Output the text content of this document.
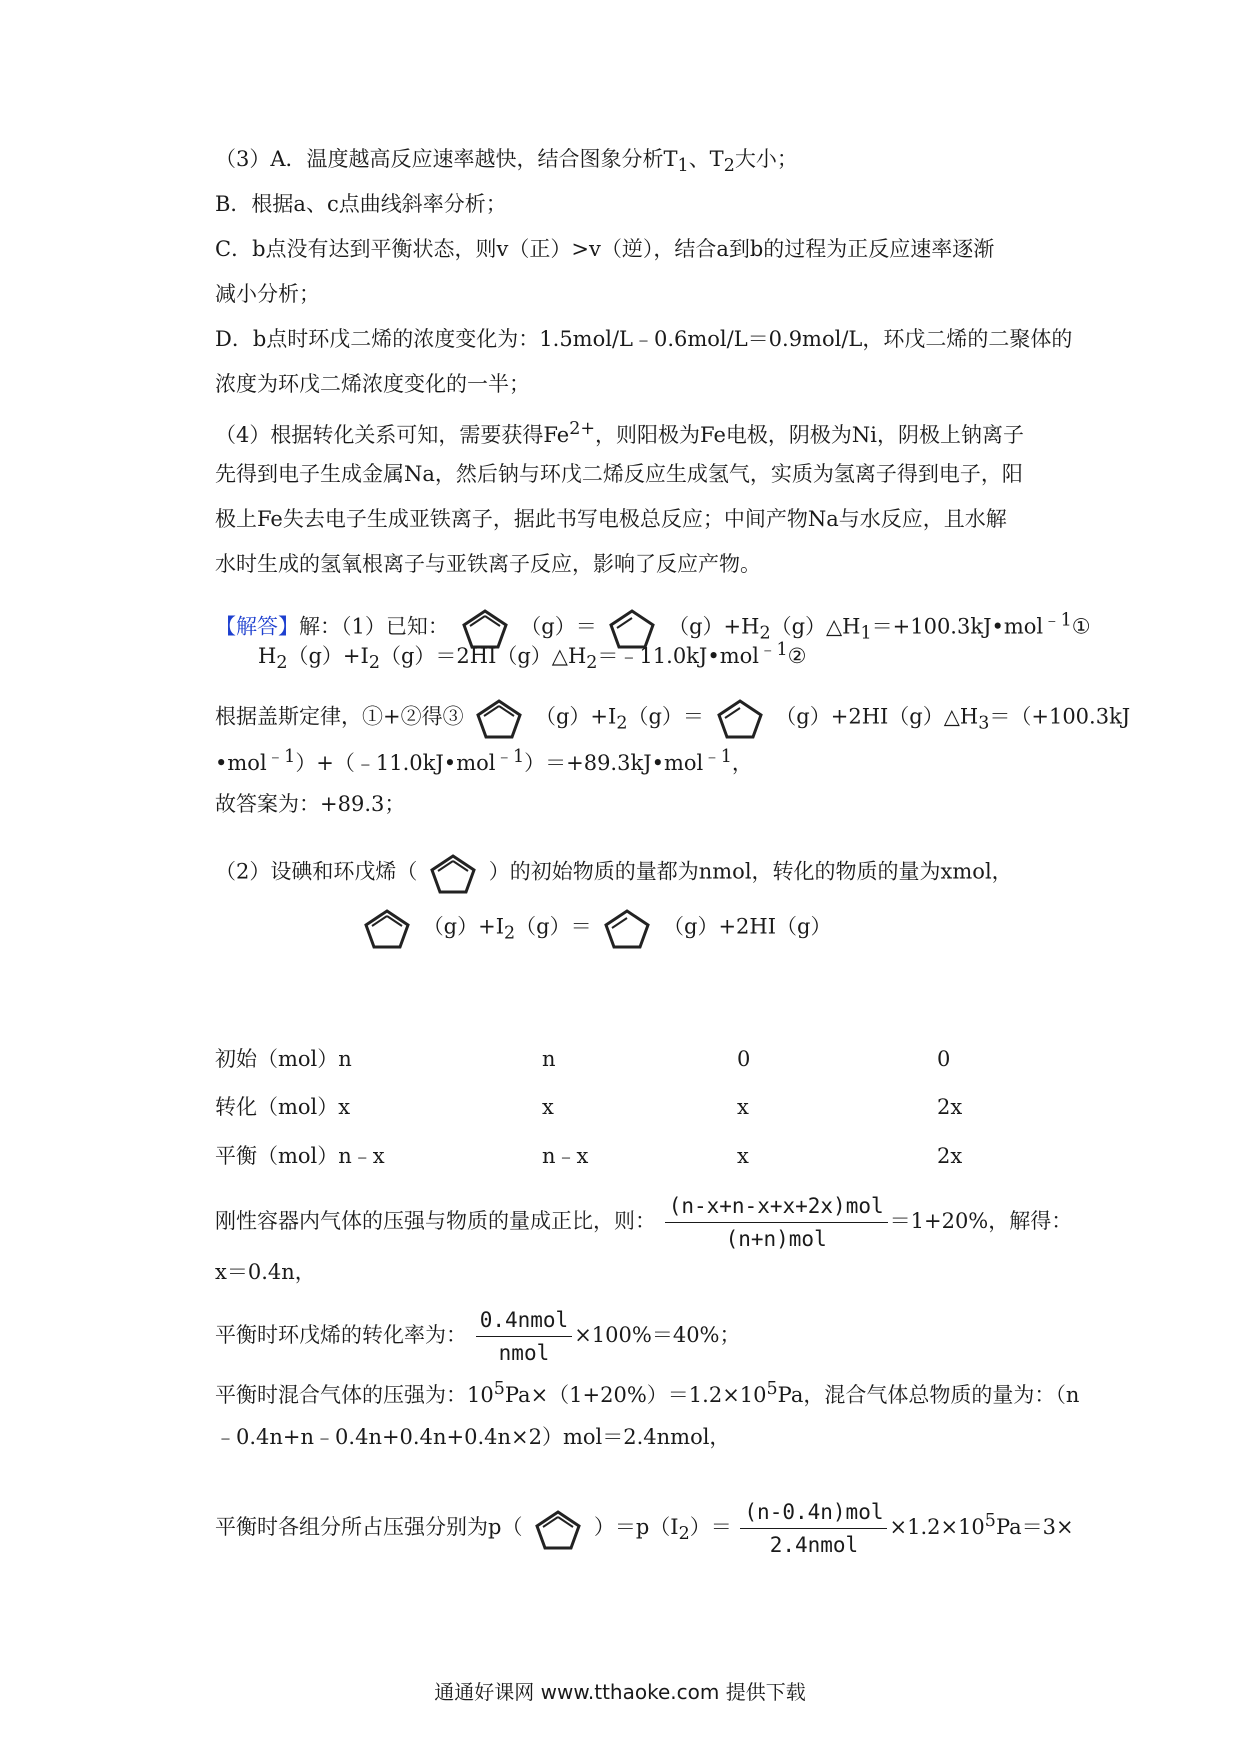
（3）A．温度越高反应速率越快，结合图象分析$T_1$、$T_2$大小；
B．根据a、c点曲线斜率分析；
C．b点没有达到平衡状态，则v（正）>v（逆），结合a到b的过程为正反应速率逐渐
减小分析；
D．b点时环戊二烯的浓度变化为：1.5mol/L﹣0.6mol/L＝0.9mol/L，环戊二烯的二聚体的
浓度为环戊二烯浓度变化的一半；
（4）根据转化关系可知，需要获得$Fe^{2+}$，则阳极为Fe电极，阴极为Ni，阴极上钠离子
先得到电子生成金属Na，然后钠与环戊二烯反应生成氢气，实质为氢离子得到电子，阳
极上Fe失去电子生成亚铁离子，据此书写电极总反应；中间产物Na与水反应，且水解
水时生成的氢氧根离子与亚铁离子反应，影响了反应产物。
【解答】解：（1）已知：	（g）＝	$(g)+H_2(g)\triangle H_1=+100.3kJ•mol^{﹣1}①$
$H_2(g)+I_2(g)=2HI(g)\triangle H_2=﹣11.0kJ•mol^{﹣1}②$
根据盖斯定律，①+②得③	$(g)+I_2(g)=$	$(g)+2HI(g)\triangle H_3=(+100.3kJ$
•mol$^{﹣1}$）+（﹣11.0kJ•mol$^{﹣1}$）＝+89.3kJ•mol$^{﹣1}$，
故答案为：+89.3；
（2）设碘和环戊烯（	）的初始物质的量都为nmol，转化的物质的量为xmol，
$(g)+I_2(g)=$	（g）+2HI（g）
初始（mol）n	n	0	0
转化（mol）x	x	x	2x
平衡（mol）n﹣x	n﹣x	x	2x
刚性容器内气体的压强与物质的量成正比，则： $\frac{\text{(n-x+n-x+x+2x)mol}}{\text{(n+n)mol}} =1+20\%$，解得：
x＝0.4n，
平衡时环戊烯的转化率为： $\frac{\text{0.4nmol}}{\text{nmol}} \times 100\%=40\%$；
平衡时混合气体的压强为：$10^5Pa\times(1+20\%)=1.2\times 10^5Pa$，混合气体总物质的量为：（n
﹣0.4n+n﹣0.4n+0.4n+0.4n×2）mol＝2.4nmol，
平衡时各组分所占压强分别为p（	）$=p(I_2)= \frac{\text{(n-0.4n)mol}}{\text{2.4nmol}} \times 1.2\times 10^5Pa=3\times$
通通好课网 www.tthaoke.com 提供下载
